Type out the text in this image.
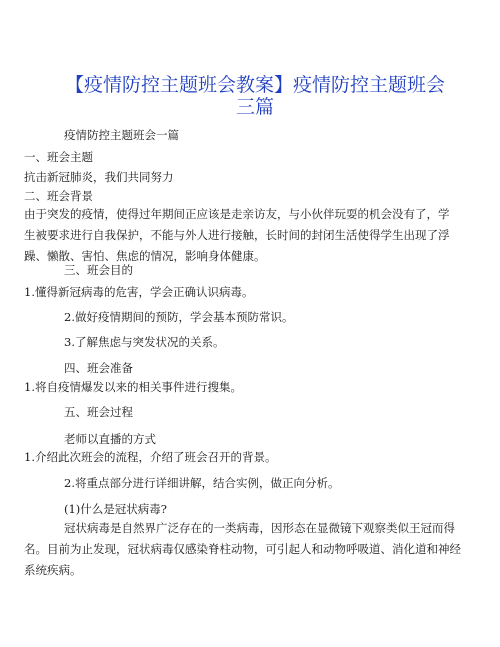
【疫情防控主题班会教案】疫情防控主题班会
三篇
疫情防控主题班会一篇
一、班会主题
抗击新冠肺炎，我们共同努力
二、班会背景
由于突发的疫情，使得过年期间正应该是走亲访友，与小伙伴玩耍的机会没有了，学生被要求进行自我保护，不能与外人进行接触，长时间的封闭生活使得学生出现了浮躁、懒散、害怕、焦虑的情况，影响身体健康。
三、班会目的
1.懂得新冠病毒的危害，学会正确认识病毒。
2.做好疫情期间的预防，学会基本预防常识。
3.了解焦虑与突发状况的关系。
四、班会准备
1.将自疫情爆发以来的相关事件进行搜集。
五、班会过程
老师以直播的方式
1.介绍此次班会的流程，介绍了班会召开的背景。
2.将重点部分进行详细讲解，结合实例，做正向分析。
(1)什么是冠状病毒?
冠状病毒是自然界广泛存在的一类病毒，因形态在显微镜下观察类似王冠而得名。目前为止发现，冠状病毒仅感染脊柱动物，可引起人和动物呼吸道、消化道和神经系统疾病。
